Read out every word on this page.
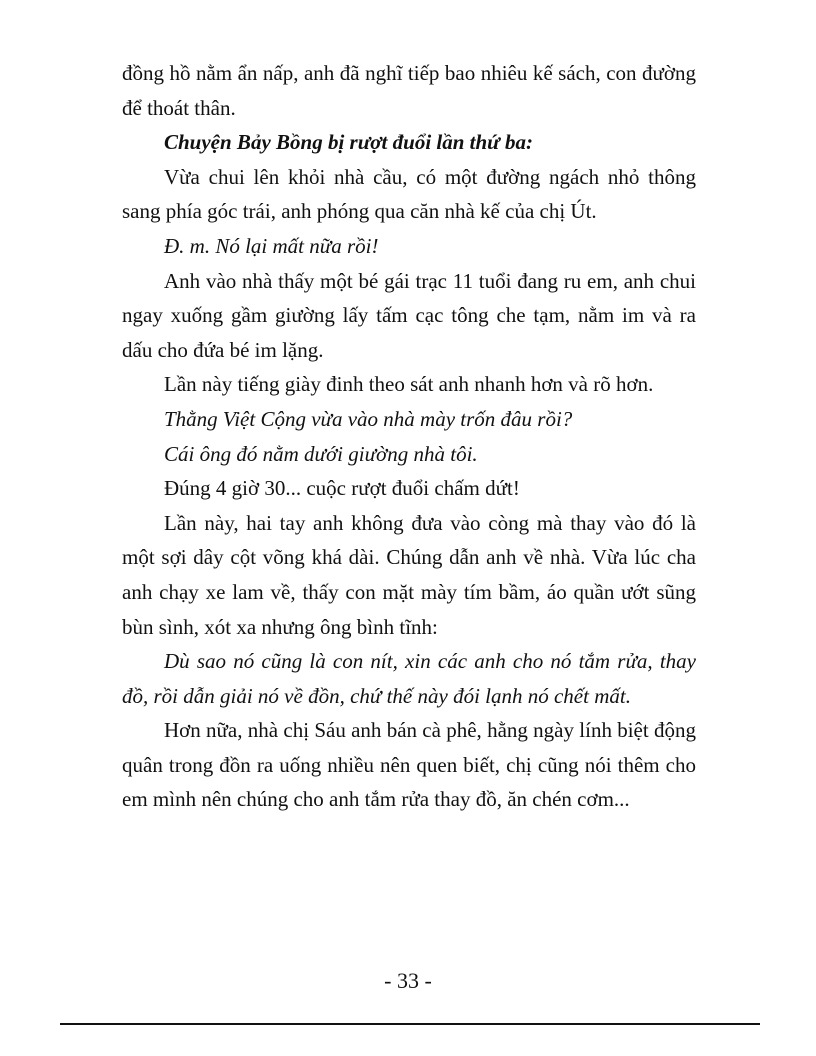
đồng hồ nằm ẩn nấp, anh đã nghĩ tiếp bao nhiêu kế sách, con đường để thoát thân.

Chuyện Bảy Bồng bị rượt đuổi lần thứ ba:

Vừa chui lên khỏi nhà cầu, có một đường ngách nhỏ thông sang phía góc trái, anh phóng qua căn nhà kế của chị Út.

Đ. m. Nó lại mất nữa rồi!

Anh vào nhà thấy một bé gái trạc 11 tuổi đang ru em, anh chui ngay xuống gầm giường lấy tấm cạc tông che tạm, nằm im và ra dấu cho đứa bé im lặng.

Lần này tiếng giày đinh theo sát anh nhanh hơn và rõ hơn.

Thằng Việt Cộng vừa vào nhà mày trốn đâu rồi?

Cái ông đó nằm dưới giường nhà tôi.

Đúng 4 giờ 30... cuộc rượt đuổi chấm dứt!

Lần này, hai tay anh không đưa vào còng mà thay vào đó là một sợi dây cột võng khá dài. Chúng dẫn anh về nhà. Vừa lúc cha anh chạy xe lam về, thấy con mặt mày tím bầm, áo quần ướt sũng bùn sình, xót xa nhưng ông bình tĩnh:

Dù sao nó cũng là con nít, xin các anh cho nó tắm rửa, thay đồ, rồi dẫn giải nó về đồn, chứ thế này đói lạnh nó chết mất.

Hơn nữa, nhà chị Sáu anh bán cà phê, hằng ngày lính biệt động quân trong đồn ra uống nhiều nên quen biết, chị cũng nói thêm cho em mình nên chúng cho anh tắm rửa thay đồ, ăn chén cơm...

- 33 -
